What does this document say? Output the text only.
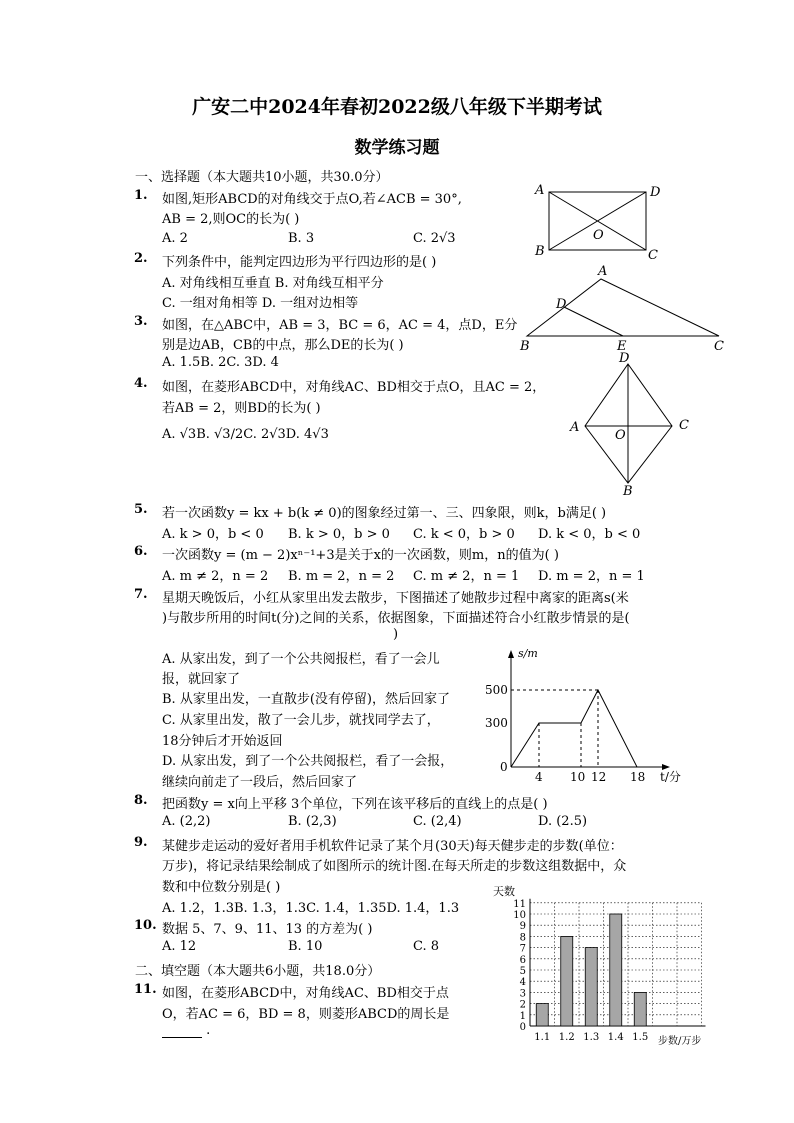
广安二中2024年春初2022级八年级下半期考试
数学练习题
一、选择题（本大题共10小题，共30.0分）
1. 如图,矩形ABCD的对角线交于点O,若∠ACB = 30°,
AB = 2,则OC的长为( )
A. 2	B. 3	C. 2√3
2. 下列条件中，能判定四边形为平行四边形的是( )
A. 对角线相互垂直 B. 对角线互相平分
C. 一组对角相等 D. 一组对边相等
3. 如图，在△ABC中，AB = 3，BC = 6，AC = 4，点D，E分
别是边AB，CB的中点，那么DE的长为( )
A. 1.5B. 2C. 3D. 4
4. 如图，在菱形ABCD中，对角线AC、BD相交于点O，且AC = 2，
若AB = 2，则BD的长为( )
A. √3B. √3/2C. 2√3D. 4√3
5. 若一次函数y = kx + b(k ≠ 0)的图象经过第一、三、四象限，则k，b满足( )
A. k > 0，b < 0 B. k > 0，b > 0 C. k < 0，b > 0 D. k < 0，b < 0
6. 一次函数y = (m − 2)xⁿ⁻¹+3是关于x的一次函数，则m，n的值为( )
A. m ≠ 2，n = 2 B. m = 2，n = 2 C. m ≠ 2，n = 1 D. m = 2，n = 1
7. 星期天晚饭后，小红从家里出发去散步，下图描述了她散步过程中离家的距离s(米
)与散步所用的时间t(分)之间的关系，依据图象，下面描述符合小红散步情景的是(
)
A. 从家出发，到了一个公共阅报栏，看了一会儿
报，就回家了
B. 从家里出发，一直散步(没有停留)，然后回家了
C. 从家里出发，散了一会儿步，就找同学去了，
18分钟后才开始返回
D. 从家出发，到了一个公共阅报栏，看了一会报，
继续向前走了一段后，然后回家了
8. 把函数y = x向上平移 3个单位，下列在该平移后的直线上的点是( )
A. (2,2)	B. (2,3)	C. (2,4)	D. (2.5)
9. 某健步走运动的爱好者用手机软件记录了某个月(30天)每天健步走的步数(单位：
万步)，将记录结果绘制成了如图所示的统计图.在每天所走的步数这组数据中，众
数和中位数分别是( )
A. 1.2，1.3B. 1.3，1.3C. 1.4，1.35D. 1.4，1.3
10. 数据 5、7、9、11、13 的方差为( )
A. 12	B. 10	C. 8
二、填空题（本大题共6小题，共18.0分）
11. 如图，在菱形ABCD中，对角线AC、BD相交于点
O，若AC = 6，BD = 8，则菱形ABCD的周长是
.
A	D
B	C
O
A
D
B	E	C
D
A	C
O
B
s/m
500
300
0
4 10 12 18 t/分
天数
步数/万步
0
1
2
3
4
5
6
7
8
9
10
11
1.1 1.2 1.3 1.4 1.5
